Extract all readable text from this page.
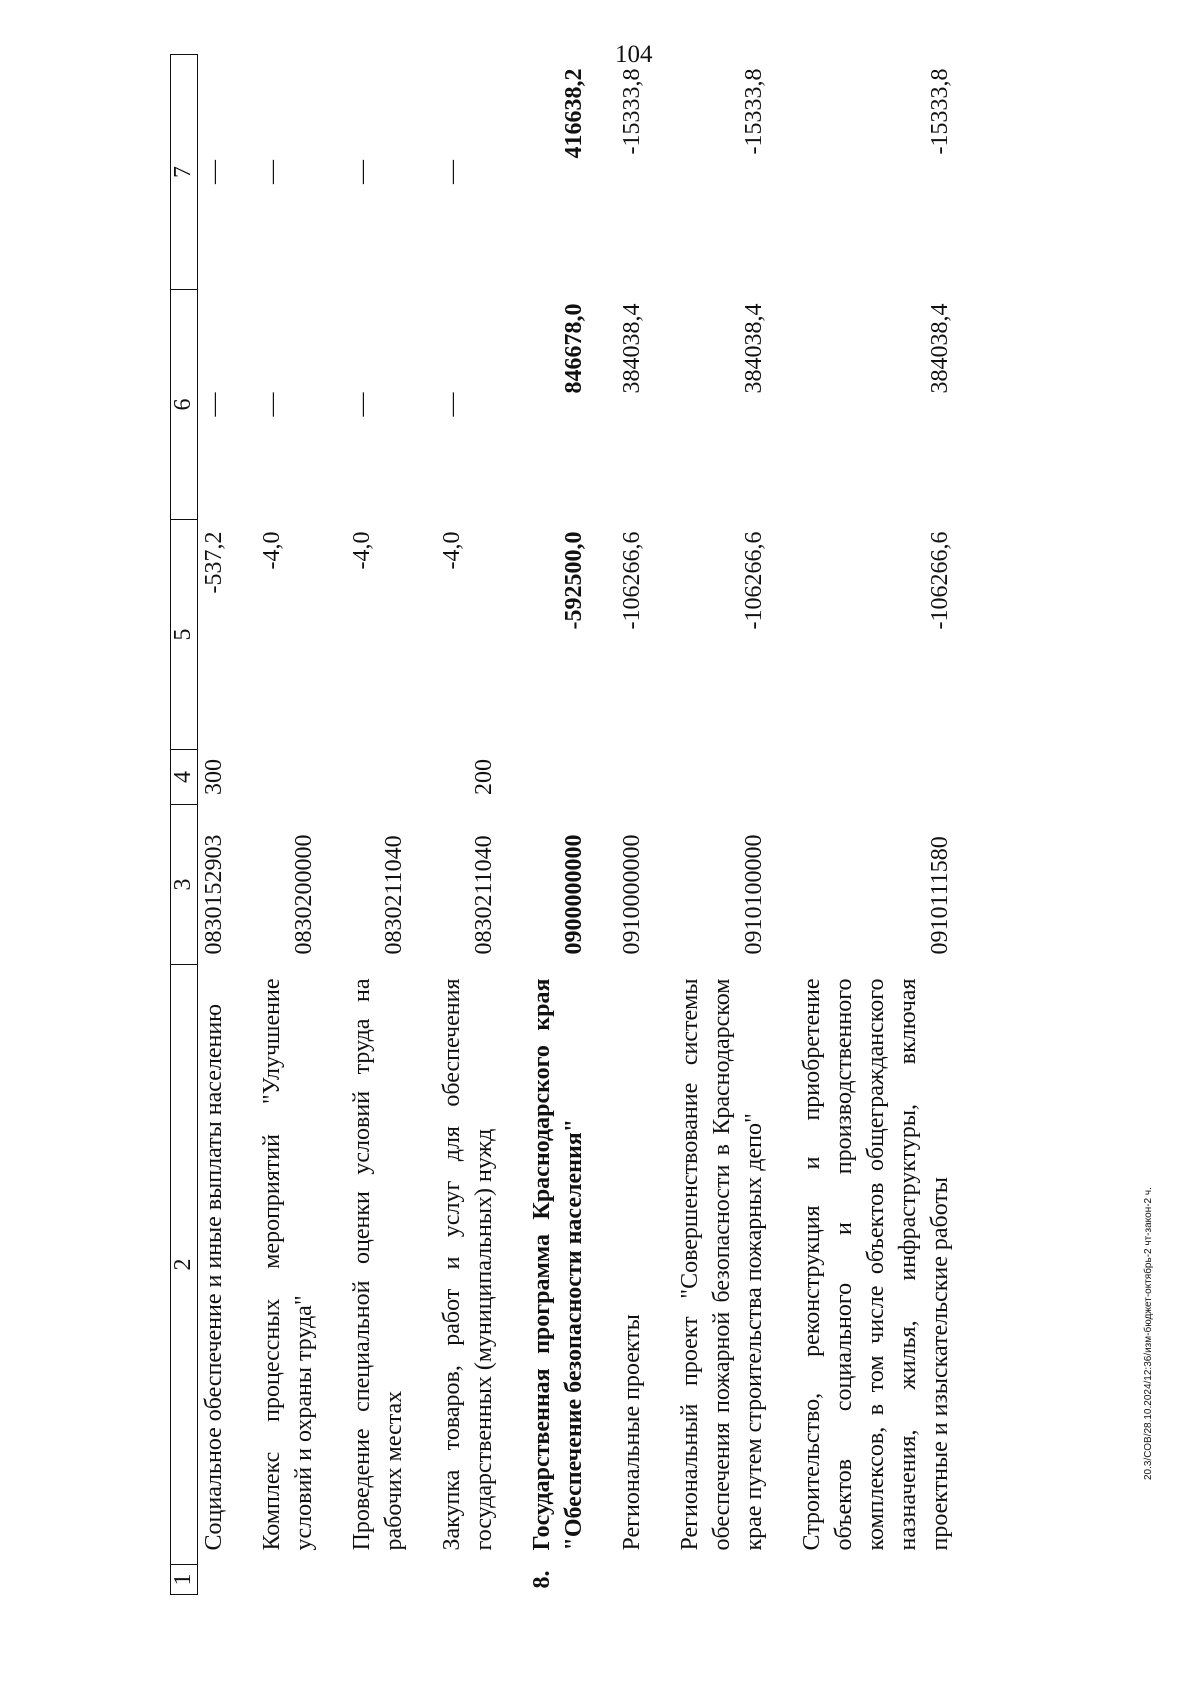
104
20.3/СОВ/28.10.2024/12:36/изм-бюджет-октябрь-2 чт-закон-2 ч.
1	2	3	4	5	6	7
	Социальное обеспечение и иные выплаты населению	0830152903	300	-537,2	—	—

	Комплекс процессных мероприятий "Улучшение условий и охраны труда"	0830200000		-4,0	—	—

	Проведение специальной оценки условий труда на рабочих местах	0830211040		-4,0	—	—

	Закупка товаров, работ и услуг для обеспечения государственных (муниципальных) нужд	0830211040	200	-4,0	—	—

8.	Государственная программа Краснодарского края "Обеспечение безопасности населения"	0900000000		-592500,0	846678,0	416638,2

	Региональные проекты	0910000000		-106266,6	384038,4	-15333,8

	Региональный проект "Совершенствование системы обеспечения пожарной безопасности в Краснодарском крае путем строительства пожарных депо"	0910100000		-106266,6	384038,4	-15333,8

	Строительство, реконструкция и приобретение объектов социального и производственного комплексов, в том числе объектов общегражданского назначения, жилья, инфраструктуры, включая проектные и изыскательские работы	0910111580		-106266,6	384038,4	-15333,8
